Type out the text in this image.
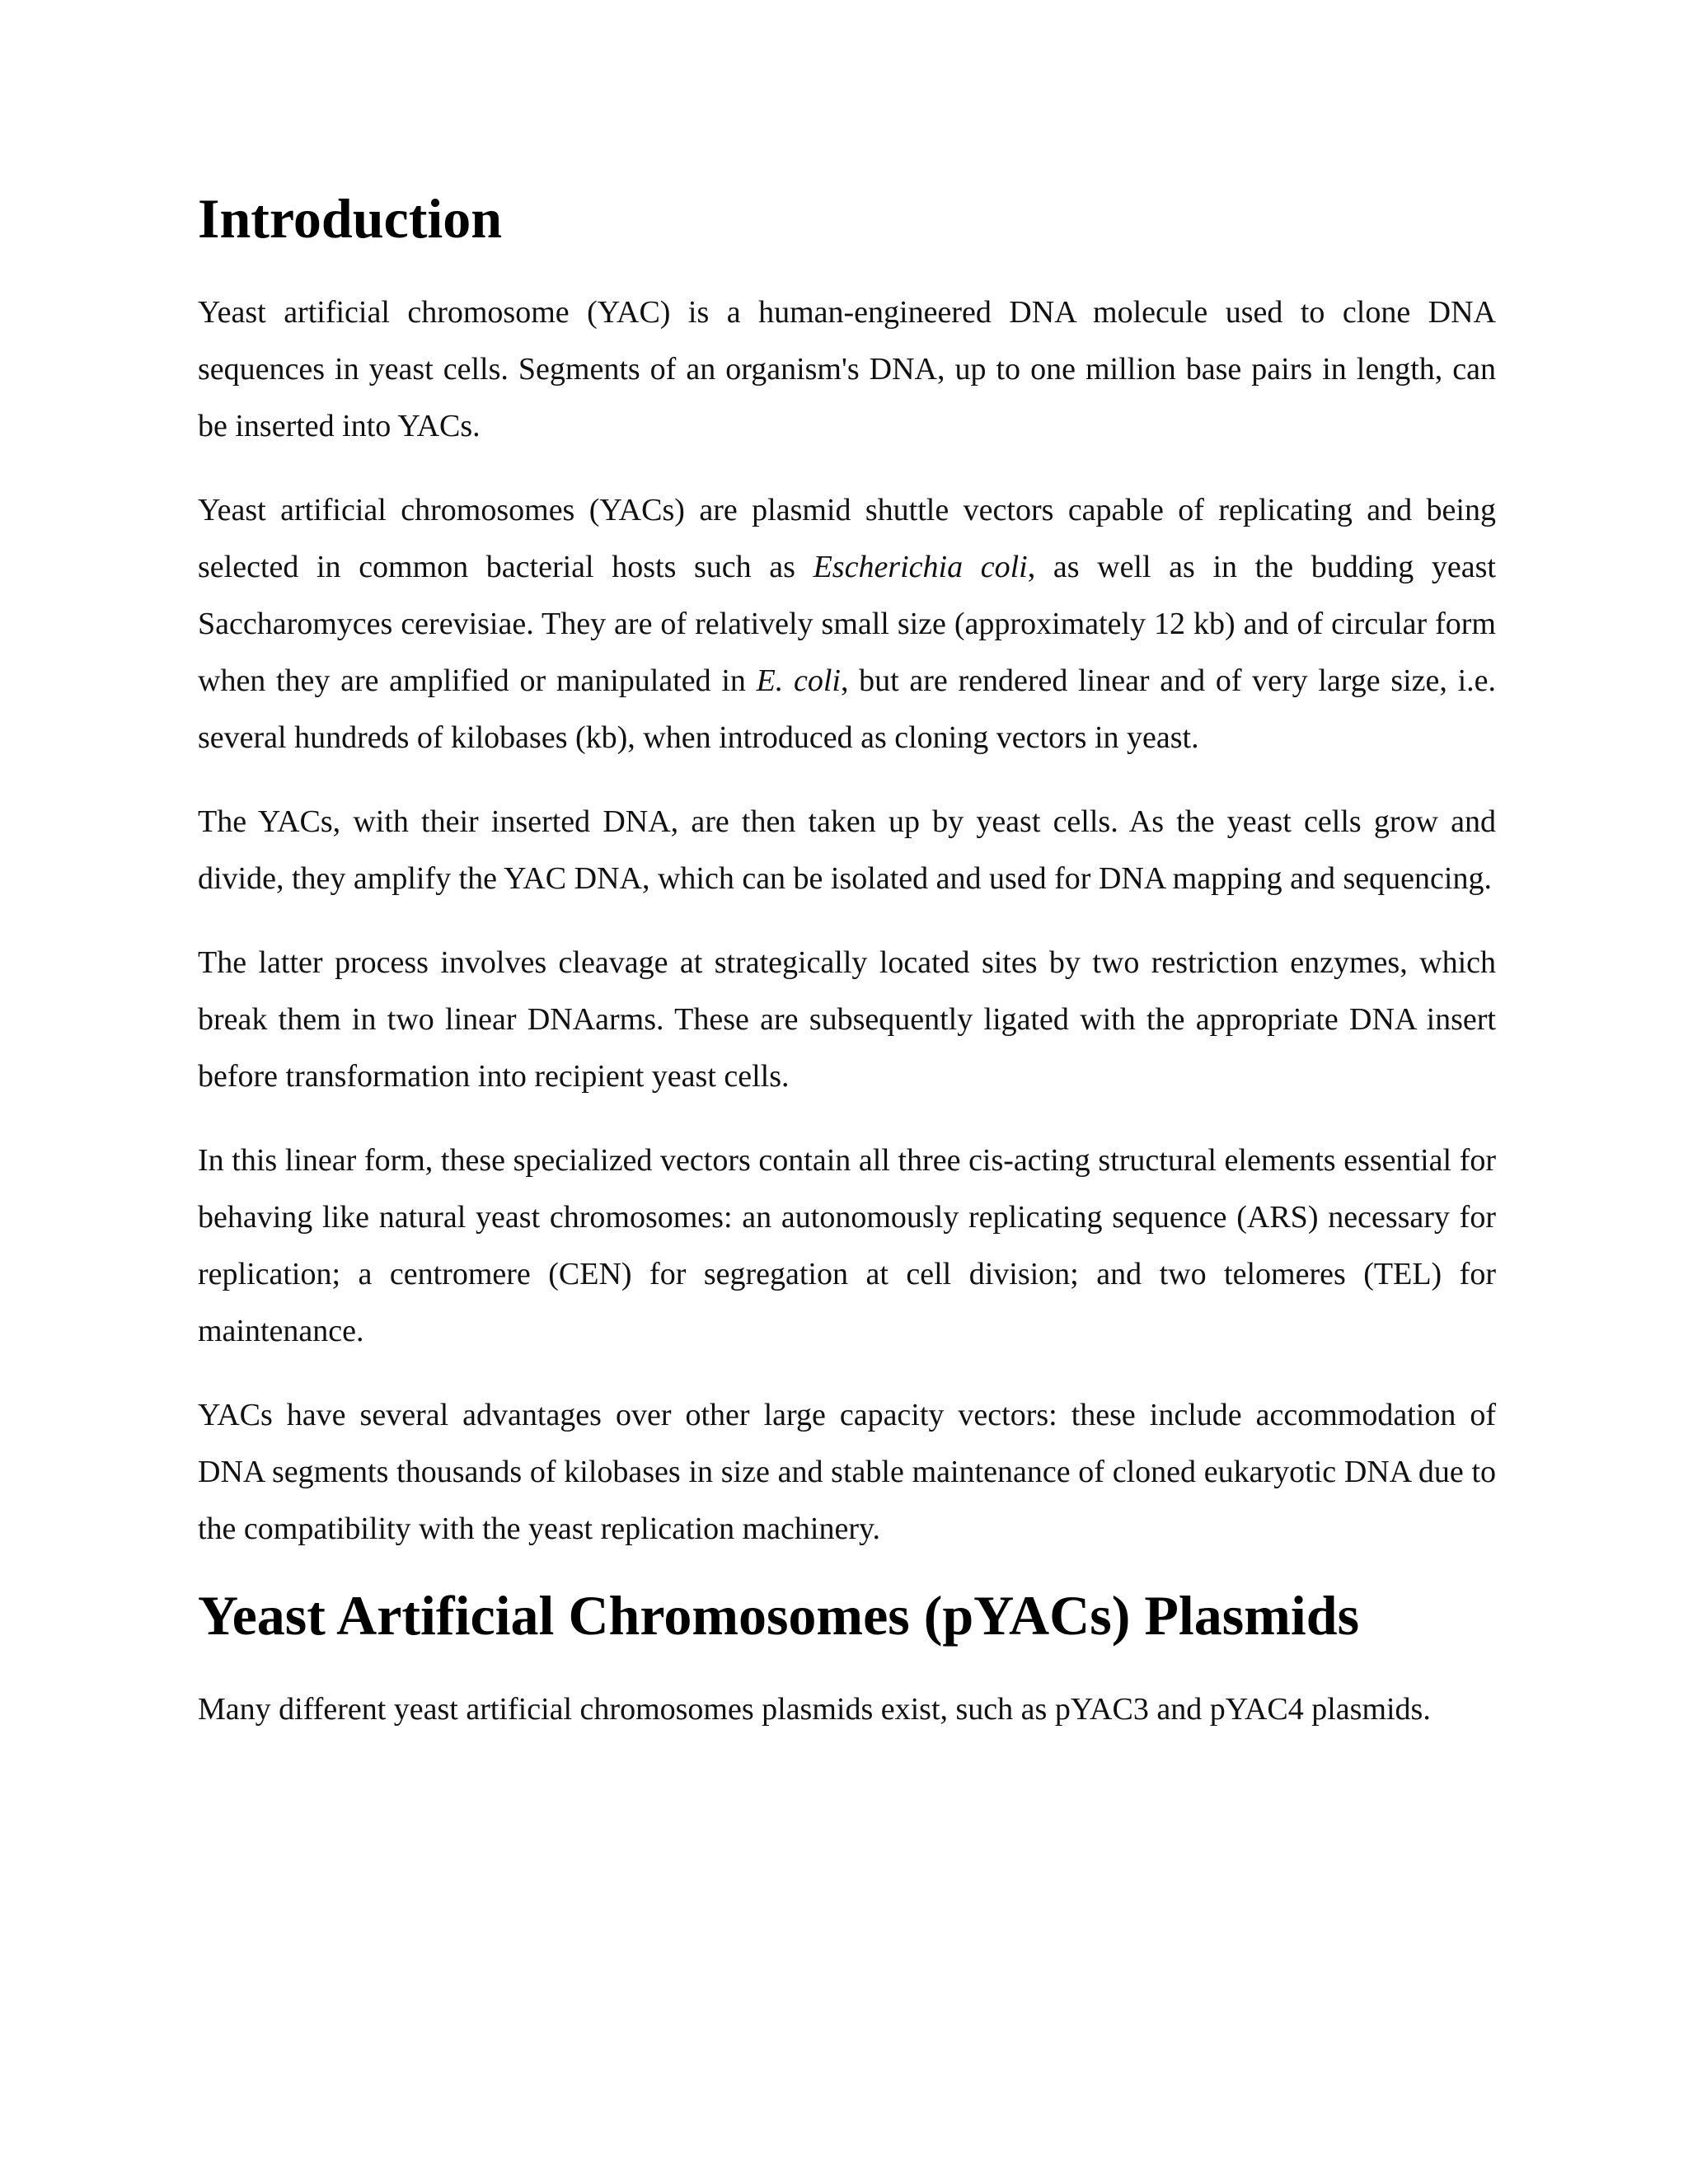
Introduction

Yeast artificial chromosome (YAC) is a human-engineered DNA molecule used to clone DNA sequences in yeast cells. Segments of an organism's DNA, up to one million base pairs in length, can be inserted into YACs.

Yeast artificial chromosomes (YACs) are plasmid shuttle vectors capable of replicating and being selected in common bacterial hosts such as Escherichia coli, as well as in the budding yeast Saccharomyces cerevisiae. They are of relatively small size (approximately 12 kb) and of circular form when they are amplified or manipulated in E. coli, but are rendered linear and of very large size, i.e. several hundreds of kilobases (kb), when introduced as cloning vectors in yeast.

The YACs, with their inserted DNA, are then taken up by yeast cells. As the yeast cells grow and divide, they amplify the YAC DNA, which can be isolated and used for DNA mapping and sequencing.

The latter process involves cleavage at strategically located sites by two restriction enzymes, which break them in two linear DNAarms. These are subsequently ligated with the appropriate DNA insert before transformation into recipient yeast cells.

In this linear form, these specialized vectors contain all three cis-acting structural elements essential for behaving like natural yeast chromosomes: an autonomously replicating sequence (ARS) necessary for replication; a centromere (CEN) for segregation at cell division; and two telomeres (TEL) for maintenance.

YACs have several advantages over other large capacity vectors: these include accommodation of DNA segments thousands of kilobases in size and stable maintenance of cloned eukaryotic DNA due to the compatibility with the yeast replication machinery.

Yeast Artificial Chromosomes (pYACs) Plasmids

Many different yeast artificial chromosomes plasmids exist, such as pYAC3 and pYAC4 plasmids.
